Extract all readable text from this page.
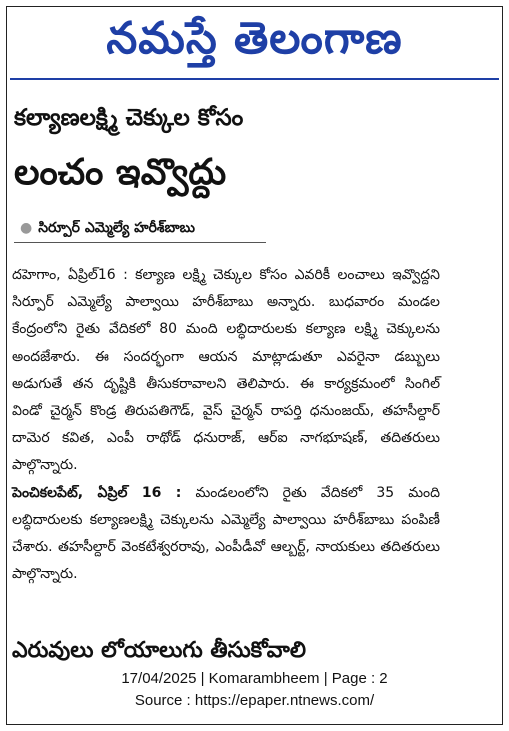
నమస్తే తెలంగాణ
కల్యాణలక్ష్మి చెక్కుల కోసం
లంచం ఇవ్వొద్దు
● సిర్పూర్ ఎమ్మెల్యే హరీశ్‌బాబు

దహెగాం, ఏప్రిల్16 : కల్యాణ లక్ష్మి చెక్కుల కోసం ఎవరికీ లంచాలు ఇవ్వొద్దని సిర్పూర్ ఎమ్మెల్యే పాల్వాయి హరీశ్‌బాబు అన్నారు. బుధవారం మండల కేంద్రంలోని రైతు వేదికలో 80 మంది లబ్ధిదారులకు కల్యాణ లక్ష్మి చెక్కులను అందజేశారు. ఈ సందర్భంగా ఆయన మాట్లాడుతూ ఎవరైనా డబ్బులు అడుగుతే తన దృష్టికి తీసుకరావాలని తెలిపారు. ఈ కార్యక్రమంలో సింగిల్ విండో చైర్మన్ కొండ్ర తిరుపతిగౌడ్, వైస్ చైర్మన్ రాపర్తి ధనుంజయ్, తహసీల్దార్ దామెర కవిత, ఎంపీ రాథోడ్ ధనురాజ్, ఆర్ఐ నాగభూషణ్, తదితరులు పాల్గొన్నారు.

పెంచికలపేట్, ఏప్రిల్ 16 : మండలంలోని రైతు వేదికలో 35 మంది లబ్ధిదారులకు కల్యాణలక్ష్మి చెక్కులను ఎమ్మెల్యే పాల్వాయి హరీశ్‌బాబు పంపిణీ చేశారు. తహసీల్దార్ వెంకటేశ్వరరావు, ఎంపీడీవో ఆల్బర్ట్, నాయకులు తదితరులు పాల్గొన్నారు.

ఎరువులు లోయాలుగు తీసుకోవాలి
17/04/2025 | Komarambheem | Page : 2
Source : https://epaper.ntnews.com/
